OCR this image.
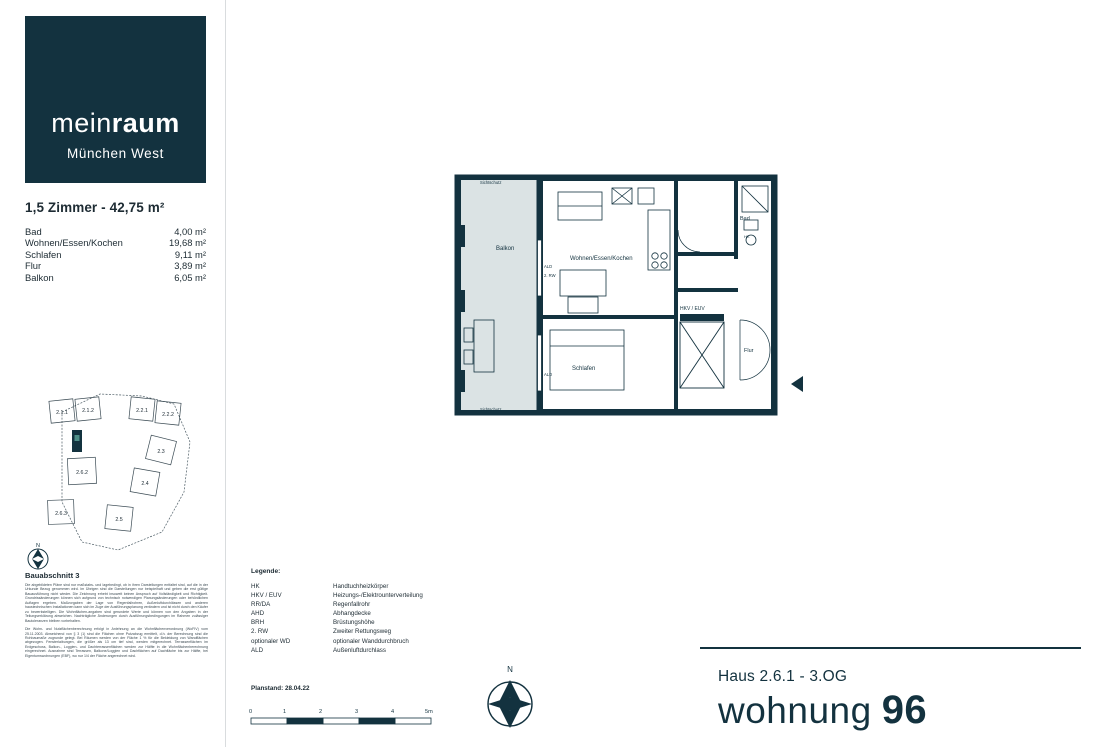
meinraum
München West
1,5 Zimmer - 42,75 m²
Bad	4,00 m²
Wohnen/Essen/Kochen	19,68 m²
Schlafen	9,11 m²
Flur	3,89 m²
Balkon	6,05 m²
2.1.1	2.1.2	2.2.1
2.2.2
2.3
2.6.2
2.4
2.6.3
2.5
N
Bauabschnitt 3

Die abgebildeten Pläne sind nur maßstabs- und lagebedingt, ob in ihren Darstellungen entfaltet sind, auf die in der Urkunde Bezug genommen wird. Im Übrigen sind die Darstellungen nur beispielhaft und geben die erst gültige Bauausführung nicht wieder. Die Zeichnung erhebt insoweit keinen Anspruch auf Vollständigkeit und Richtigkeit. Grundrissänderungen können sich aufgrund von technisch notwendigen Planungsänderungen oder behördlichen Auflagen ergeben. Maßvorgaben der Lage von Regenfallrohren, Außenluftdurchlässen und anderen haustechnischen Installationen kann sich im Zuge der Ausführungsplanung verändern und ist nicht durch den Käufer zu bewerkstelligen. Die Wohnflächen-angaben sind gerundete Werte und können von den Angaben in der Teilungserklärung abweichen. Nachträgliche Änderungen durch Ausführungsbedingungen im Rahmen zulässiger Bautoleranzen bleiben vorbehalten.

Die Wohn- und Nutzflächenberechnung erfolgt in Anlehnung an die Wohnflächenverordnung (WoFIV) vom 25.11.2003. Abweichend von § 3 (1) sind die Flächen ohne Putzabzug ermittelt, d.h. der Berechnung sind die Rohbaumaße zugrunde gelegt. Bei Räumen werden von der Fläche 1 % für die Bekleidung von Wandflächen abgezogen. Fensterlaibungen, die größer als 13 cm tief sind, werden mitgerechnet. Terrassenflächen im Erdgeschoss, Balkon-, Loggien- und Dachterrassenflächen werden zur Hälfte in die Wohnflächenberechnung eingerechnet. Ausnahme sind Terrassen, Balkone/Loggien und Dachflächen auf Dachfläche bis zur Hälfte, bei Eigentumswohnungen (EBF), wo nur 1/4 der Fläche angerechnet wird.

Balkon
Sichtschutz
Sichtschutz
Bad
HK
HKV / EUV
Flur
Wohnen/Essen/Kochen
Schlafen
ALD
2. RW
ALD
Legende:
HK	Handtuchheizkörper
HKV / EUV	Heizungs-/Elektrounterverteilung
RR/DA	Regenfallrohr
AHD	Abhangdecke
BRH	Brüstungshöhe
2. RW	Zweiter Rettungsweg
optionaler WD	optionaler Wanddurchbruch
ALD	Außenluftdurchlass
Planstand: 28.04.22
0	1	2	3	4	5m
N	Haus 2.6.1 - 3.OG
wohnung 96
